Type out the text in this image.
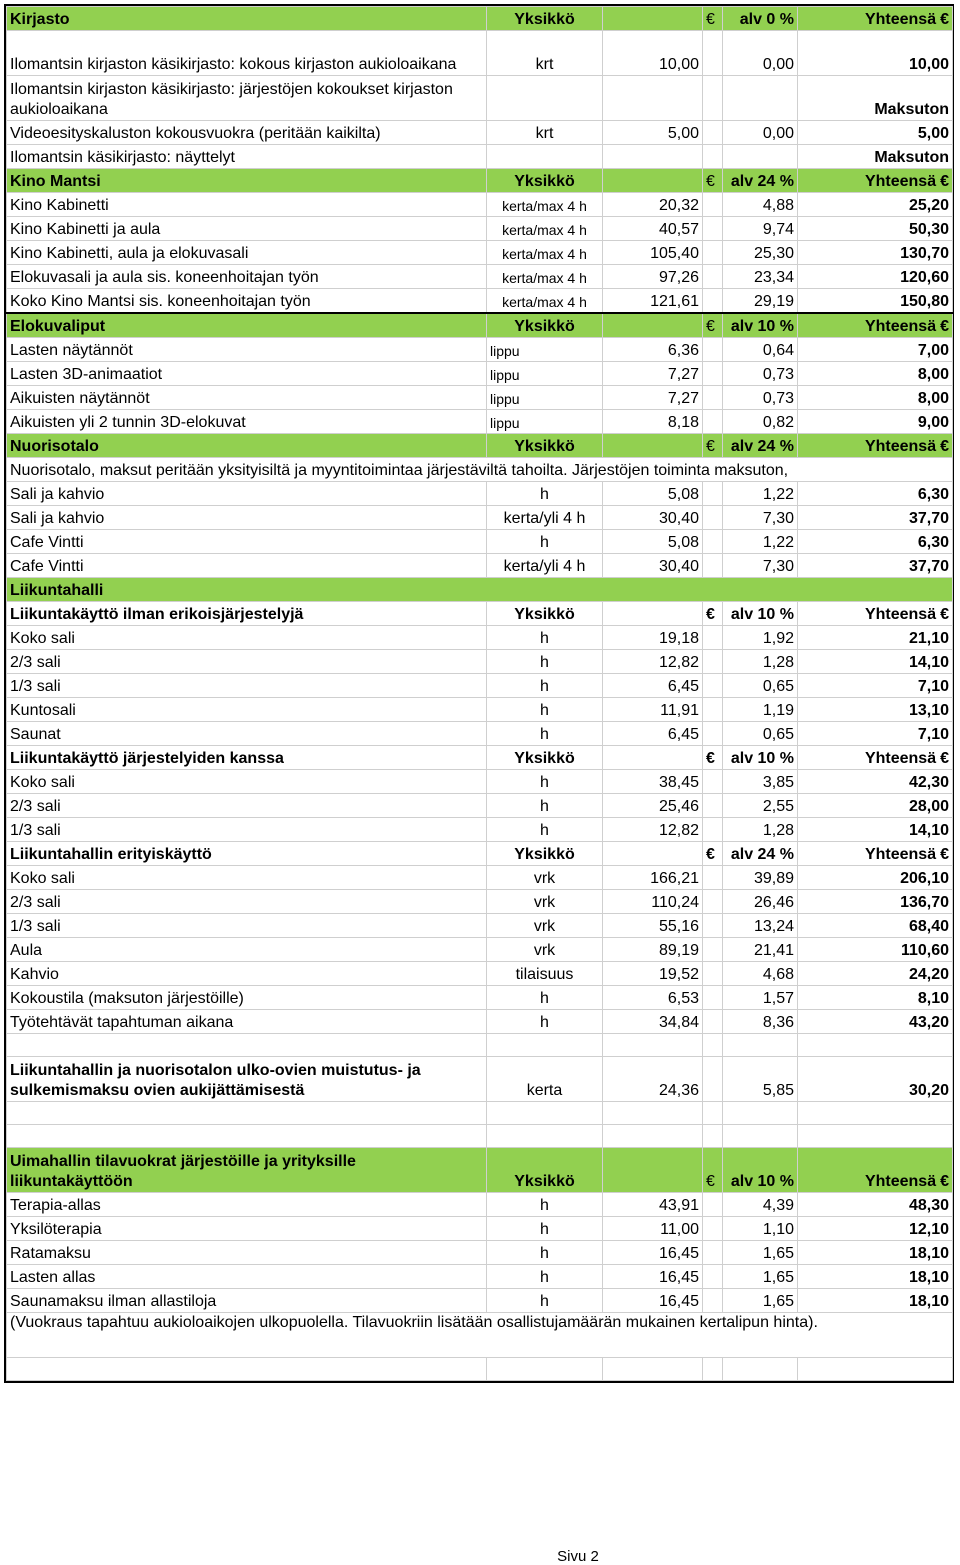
Kirjasto	Yksikkö		€	alv 0 %	Yhteensä €
Ilomantsin kirjaston käsikirjasto: kokous kirjaston aukioloaikana	krt	10,00		0,00	10,00
Ilomantsin kirjaston käsikirjasto: järjestöjen kokoukset kirjaston aukioloaikana					Maksuton
Videoesityskaluston kokousvuokra (peritään kaikilta)	krt	5,00		0,00	5,00
Ilomantsin käsikirjasto: näyttelyt					Maksuton
Kino Mantsi	Yksikkö		€	alv 24 %	Yhteensä €
Kino Kabinetti	kerta/max 4 h	20,32		4,88	25,20
Kino Kabinetti ja aula	kerta/max 4 h	40,57		9,74	50,30
Kino Kabinetti, aula ja elokuvasali	kerta/max 4 h	105,40		25,30	130,70
Elokuvasali ja aula sis. koneenhoitajan työn	kerta/max 4 h	97,26		23,34	120,60
Koko Kino Mantsi sis. koneenhoitajan työn	kerta/max 4 h	121,61		29,19	150,80
Elokuvaliput	Yksikkö		€	alv 10 %	Yhteensä €
Lasten näytännöt	lippu	6,36		0,64	7,00
Lasten 3D-animaatiot	lippu	7,27		0,73	8,00
Aikuisten näytännöt	lippu	7,27		0,73	8,00
Aikuisten yli 2 tunnin 3D-elokuvat	lippu	8,18		0,82	9,00
Nuorisotalo	Yksikkö		€	alv 24 %	Yhteensä €
Nuorisotalo, maksut peritään yksityisiltä ja myyntitoimintaa järjestäviltä tahoilta. Järjestöjen toiminta maksuton,					
Sali ja kahvio	h	5,08		1,22	6,30
Sali ja kahvio	kerta/yli 4 h	30,40		7,30	37,70
Cafe Vintti	h	5,08		1,22	6,30
Cafe Vintti	kerta/yli 4 h	30,40		7,30	37,70
Liikuntahalli					
Liikuntakäyttö ilman erikoisjärjestelyjä	Yksikkö		€	alv 10 %	Yhteensä €
Koko sali	h	19,18		1,92	21,10
2/3 sali	h	12,82		1,28	14,10
1/3 sali	h	6,45		0,65	7,10
Kuntosali	h	11,91		1,19	13,10
Saunat	h	6,45		0,65	7,10
Liikuntakäyttö järjestelyiden kanssa	Yksikkö		€	alv 10 %	Yhteensä €
Koko sali	h	38,45		3,85	42,30
2/3 sali	h	25,46		2,55	28,00
1/3 sali	h	12,82		1,28	14,10
Liikuntahallin erityiskäyttö	Yksikkö		€	alv 24 %	Yhteensä €
Koko sali	vrk	166,21		39,89	206,10
2/3 sali	vrk	110,24		26,46	136,70
1/3 sali	vrk	55,16		13,24	68,40
Aula	vrk	89,19		21,41	110,60
Kahvio	tilaisuus	19,52		4,68	24,20
Kokoustila (maksuton järjestöille)	h	6,53		1,57	8,10
Työtehtävät tapahtuman aikana	h	34,84		8,36	43,20

Liikuntahallin ja nuorisotalon ulko-ovien muistutus- ja sulkemismaksu ovien aukijättämisestä	kerta	24,36		5,85	30,20

Uimahallin tilavuokrat järjestöille ja yrityksille liikuntakäyttöön	Yksikkö		€	alv 10 %	Yhteensä €
Terapia-allas	h	43,91		4,39	48,30
Yksilöterapia	h	11,00		1,10	12,10
Ratamaksu	h	16,45		1,65	18,10
Lasten allas	h	16,45		1,65	18,10
Saunamaksu ilman allastiloja	h	16,45		1,65	18,10
(Vuokraus tapahtuu aukioloaikojen ulkopuolella. Tilavuokriin lisätään osallistujamäärän mukainen kertalipun hinta).					

Sivu 2
